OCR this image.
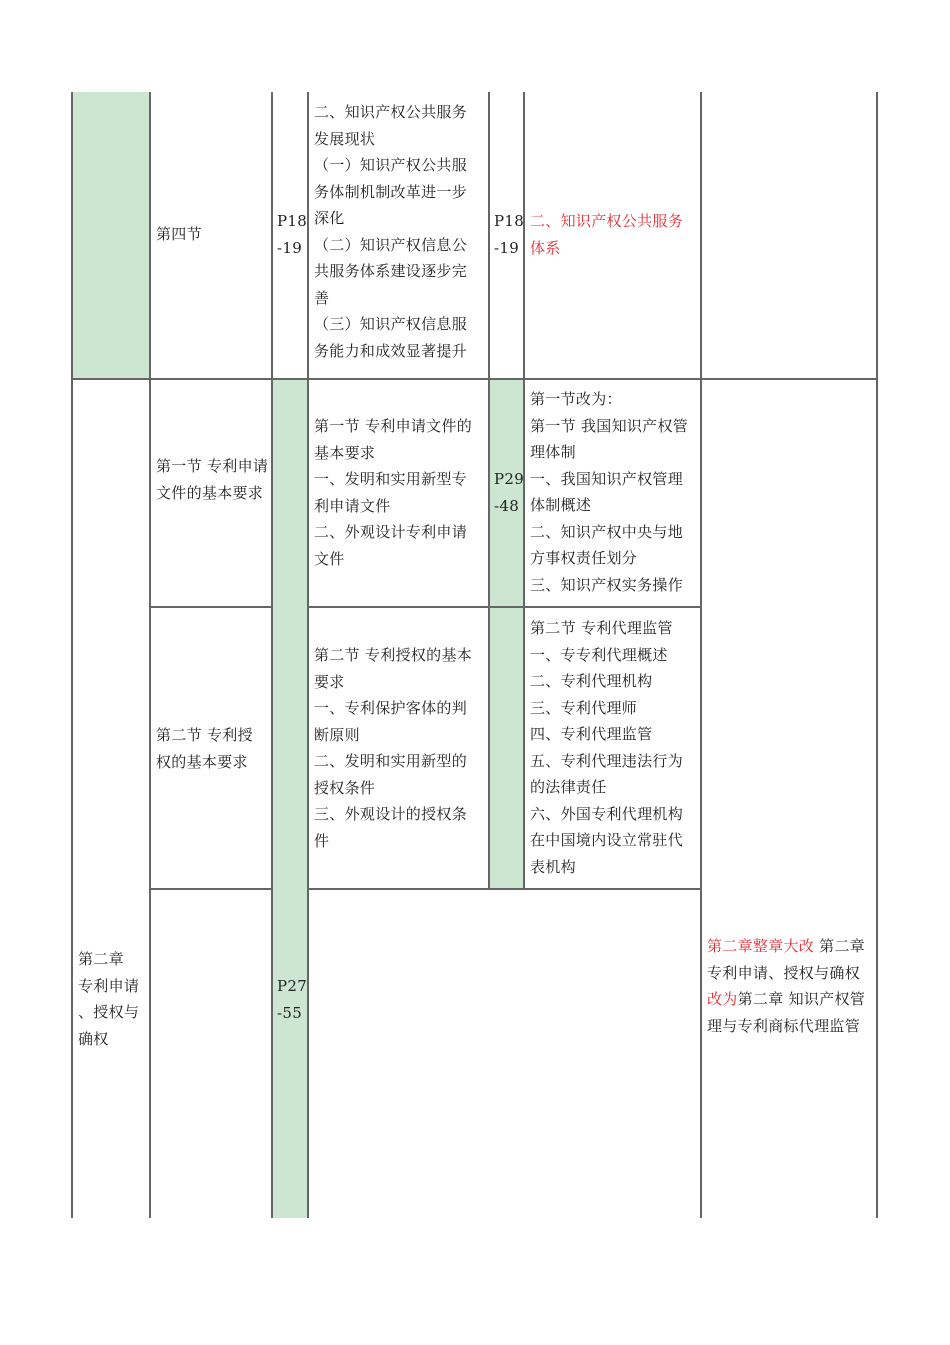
第四节

P18

-19

二、知识产权公共服务发展现状

（一）知识产权公共服务体制机制改革进一步深化

（二）知识产权信息公共服务体系建设逐步完善

（三）知识产权信息服务能力和成效显著提升

P18

-19

二、知识产权公共服务体系

第二章

专利申请

、授权与

确权

P27

-55

第一节 专利申请文件的基本要求

第一节 专利申请文件的基本要求

一、发明和实用新型专利申请文件

二、外观设计专利申请文件

P29

-48

第一节改为：

第一节 我国知识产权管理体制

一、我国知识产权管理体制概述

二、知识产权中央与地方事权责任划分

三、知识产权实务操作

第二节 专利授权的基本要求

第二节 专利授权的基本要求

一、专利保护客体的判断原则

二、发明和实用新型的授权条件

三、外观设计的授权条件

第二节 专利代理监管

一、专专利代理概述

二、专利代理机构

三、专利代理师

四、专利代理监管

五、专利代理违法行为的法律责任

六、外国专利代理机构在中国境内设立常驻代表机构

第二章整章大改 第二章 专利申请、授权与确权改为第二章 知识产权管理与专利商标代理监管
